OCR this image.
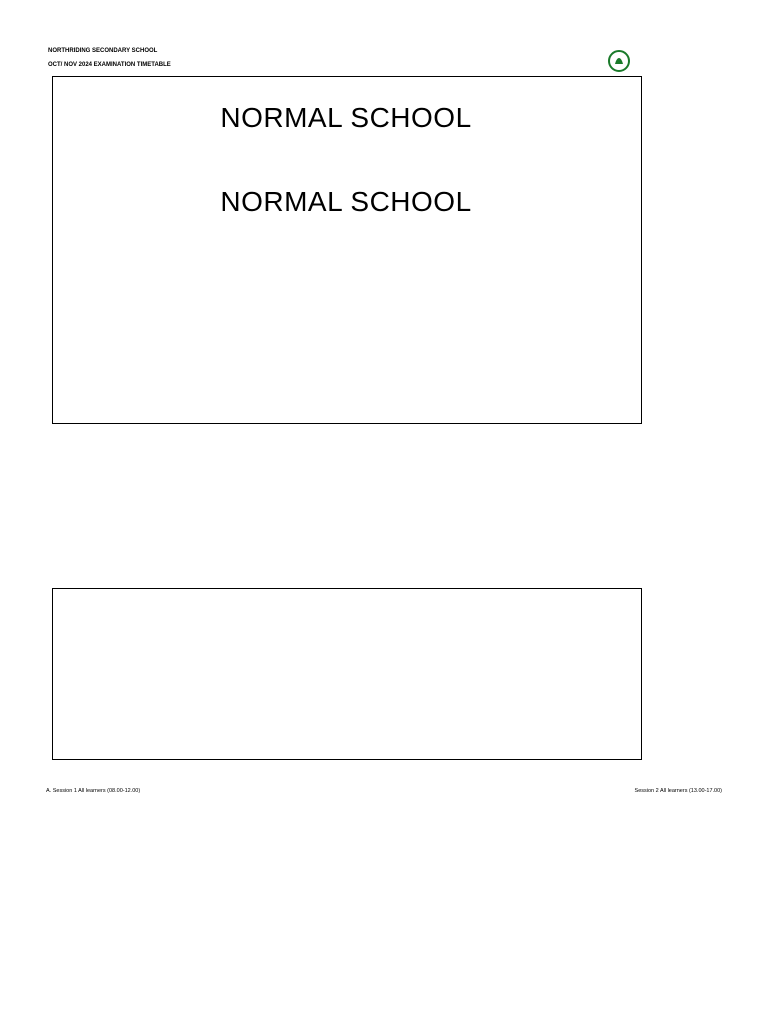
NORTHRIDING SECONDARY SCHOOL
OCT/ NOV 2024 EXAMINATION TIMETABLE
NORMAL SCHOOL
NORMAL SCHOOL
A. Session 1 All learners (08.00-12.00)	Session 2 All learners (13.00-17.00)
